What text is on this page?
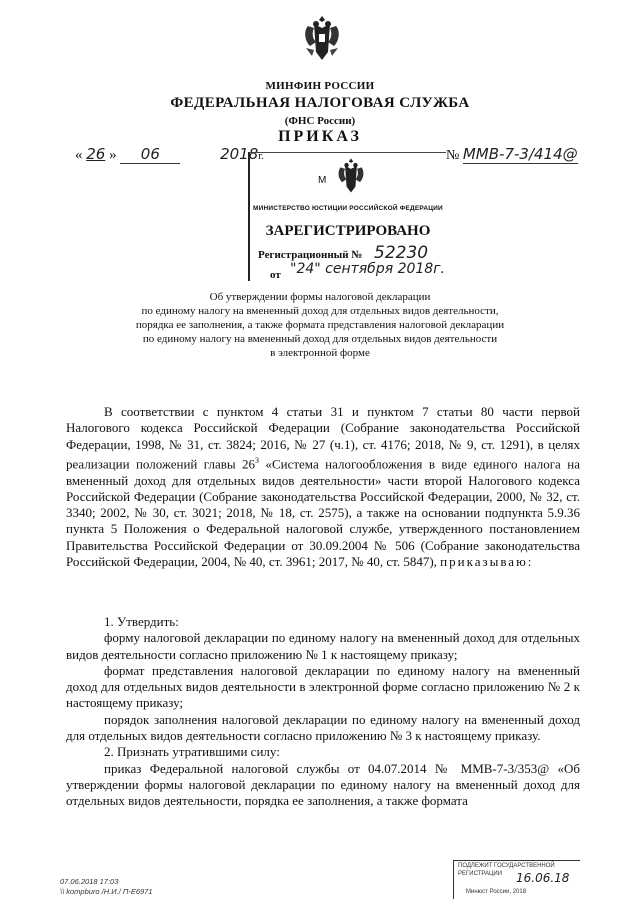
МИНФИН РОССИИ
ФЕДЕРАЛЬНАЯ НАЛОГОВАЯ СЛУЖБА
(ФНС России)
ПРИКАЗ
« 26 » 06	2018г.	№ ММВ-7-3/414@
М
МИНИСТЕРСТВО ЮСТИЦИИ РОССИЙСКОЙ ФЕДЕРАЦИИ
ЗАРЕГИСТРИРОВАНО
Регистрационный № 52230
от "24" сентября 2018г.
Об утверждении формы налоговой декларации
по единому налогу на вмененный доход для отдельных видов деятельности,
порядка ее заполнения, а также формата представления налоговой декларации
по единому налогу на вмененный доход для отдельных видов деятельности
в электронной форме

В соответствии с пунктом 4 статьи 31 и пунктом 7 статьи 80 части первой Налогового кодекса Российской Федерации (Собрание законодательства Российской Федерации, 1998, № 31, ст. 3824; 2016, № 27 (ч.1), ст. 4176; 2018, № 9, ст. 1291), в целях реализации положений главы $26^3$ «Система налогообложения в виде единого налога на вмененный доход для отдельных видов деятельности» части второй Налогового кодекса Российской Федерации (Собрание законодательства Российской Федерации, 2000, № 32, ст. 3340; 2002, № 30, ст. 3021; 2018, № 18, ст. 2575), а также на основании подпункта 5.9.36 пункта 5 Положения о Федеральной налоговой службе, утвержденного постановлением Правительства Российской Федерации от 30.09.2004 № 506 (Собрание законодательства Российской Федерации, 2004, № 40, ст. 3961; 2017, № 40, ст. 5847), приказываю:

1. Утвердить:

форму налоговой декларации по единому налогу на вмененный доход для отдельных видов деятельности согласно приложению № 1 к настоящему приказу;

формат представления налоговой декларации по единому налогу на вмененный доход для отдельных видов деятельности в электронной форме согласно приложению № 2 к настоящему приказу;

порядок заполнения налоговой декларации по единому налогу на вмененный доход для отдельных видов деятельности согласно приложению № 3 к настоящему приказу.

2. Признать утратившими силу:

приказ Федеральной налоговой службы от 04.07.2014 № ММВ-7-3/353@ «Об утверждении формы налоговой декларации по единому налогу на вмененный доход для отдельных видов деятельности, порядка ее заполнения, а также формата

07.06.2018 17:03
\\ kompburo /Н.И./ П-Е6971
ПОДЛЕЖИТ ГОСУДАРСТВЕННОЙ
РЕГИСТРАЦИИ 16.06.18
Минюст России, 2018
